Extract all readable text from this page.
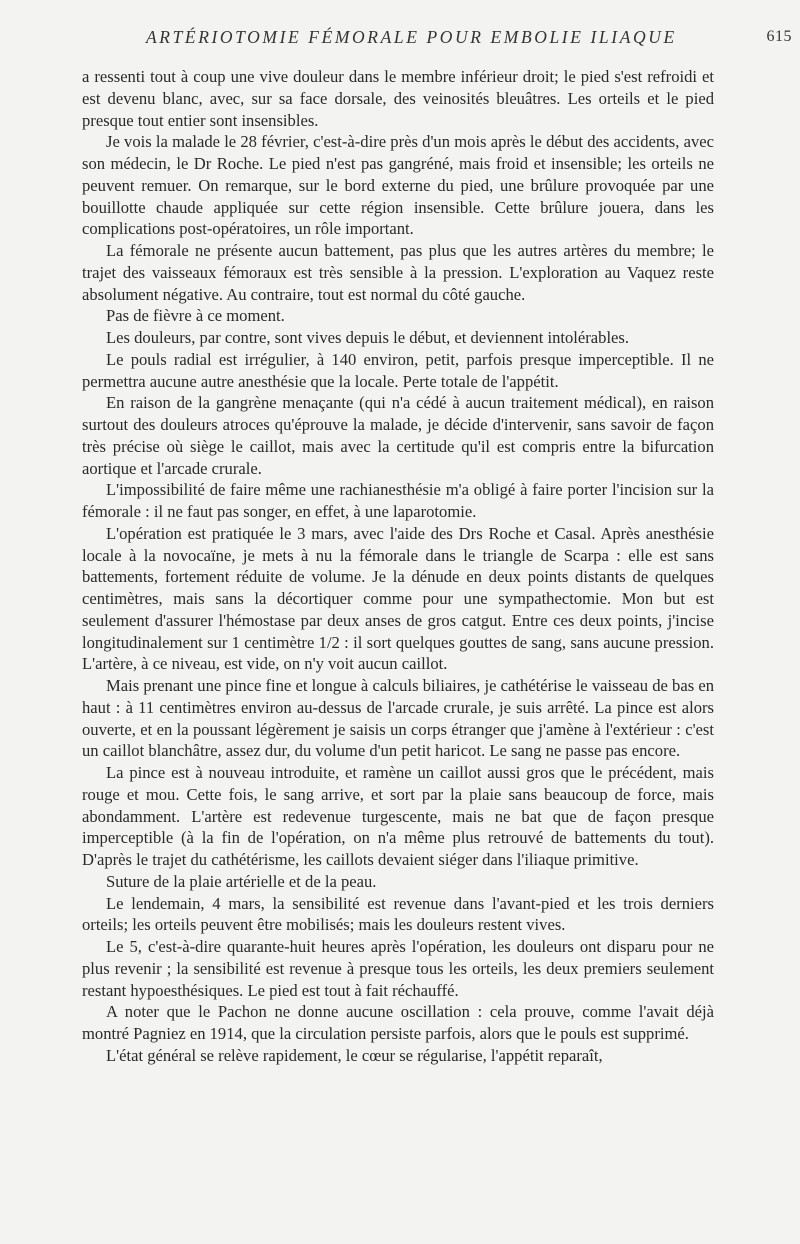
ARTÉRIOTOMIE FÉMORALE POUR EMBOLIE ILIAQUE	615

a ressenti tout à coup une vive douleur dans le membre inférieur droit; le pied s'est refroidi et est devenu blanc, avec, sur sa face dorsale, des veinosités bleuâtres. Les orteils et le pied presque tout entier sont insensibles.

Je vois la malade le 28 février, c'est-à-dire près d'un mois après le début des accidents, avec son médecin, le Dr Roche. Le pied n'est pas gangréné, mais froid et insensible; les orteils ne peuvent remuer. On remarque, sur le bord externe du pied, une brûlure provoquée par une bouillotte chaude appliquée sur cette région insensible. Cette brûlure jouera, dans les complications post-opératoires, un rôle important.

La fémorale ne présente aucun battement, pas plus que les autres artères du membre; le trajet des vaisseaux fémoraux est très sensible à la pression. L'exploration au Vaquez reste absolument négative. Au contraire, tout est normal du côté gauche.

Pas de fièvre à ce moment.

Les douleurs, par contre, sont vives depuis le début, et deviennent intolérables.

Le pouls radial est irrégulier, à 140 environ, petit, parfois presque imperceptible. Il ne permettra aucune autre anesthésie que la locale. Perte totale de l'appétit.

En raison de la gangrène menaçante (qui n'a cédé à aucun traitement médical), en raison surtout des douleurs atroces qu'éprouve la malade, je décide d'intervenir, sans savoir de façon très précise où siège le caillot, mais avec la certitude qu'il est compris entre la bifurcation aortique et l'arcade crurale.

L'impossibilité de faire même une rachianesthésie m'a obligé à faire porter l'incision sur la fémorale : il ne faut pas songer, en effet, à une laparotomie.

L'opération est pratiquée le 3 mars, avec l'aide des Drs Roche et Casal. Après anesthésie locale à la novocaïne, je mets à nu la fémorale dans le triangle de Scarpa : elle est sans battements, fortement réduite de volume. Je la dénude en deux points distants de quelques centimètres, mais sans la décortiquer comme pour une sympathectomie. Mon but est seulement d'assurer l'hémostase par deux anses de gros catgut. Entre ces deux points, j'incise longitudinalement sur 1 centimètre 1/2 : il sort quelques gouttes de sang, sans aucune pression. L'artère, à ce niveau, est vide, on n'y voit aucun caillot.

Mais prenant une pince fine et longue à calculs biliaires, je cathétérise le vaisseau de bas en haut : à 11 centimètres environ au-dessus de l'arcade crurale, je suis arrêté. La pince est alors ouverte, et en la poussant légèrement je saisis un corps étranger que j'amène à l'extérieur : c'est un caillot blanchâtre, assez dur, du volume d'un petit haricot. Le sang ne passe pas encore.

La pince est à nouveau introduite, et ramène un caillot aussi gros que le précédent, mais rouge et mou. Cette fois, le sang arrive, et sort par la plaie sans beaucoup de force, mais abondamment. L'artère est redevenue turgescente, mais ne bat que de façon presque imperceptible (à la fin de l'opération, on n'a même plus retrouvé de battements du tout). D'après le trajet du cathétérisme, les caillots devaient siéger dans l'iliaque primitive.

Suture de la plaie artérielle et de la peau.

Le lendemain, 4 mars, la sensibilité est revenue dans l'avant-pied et les trois derniers orteils; les orteils peuvent être mobilisés; mais les douleurs restent vives.

Le 5, c'est-à-dire quarante-huit heures après l'opération, les douleurs ont disparu pour ne plus revenir ; la sensibilité est revenue à presque tous les orteils, les deux premiers seulement restant hypoesthésiques. Le pied est tout à fait réchauffé.

A noter que le Pachon ne donne aucune oscillation : cela prouve, comme l'avait déjà montré Pagniez en 1914, que la circulation persiste parfois, alors que le pouls est supprimé.

L'état général se relève rapidement, le cœur se régularise, l'appétit reparaît,
